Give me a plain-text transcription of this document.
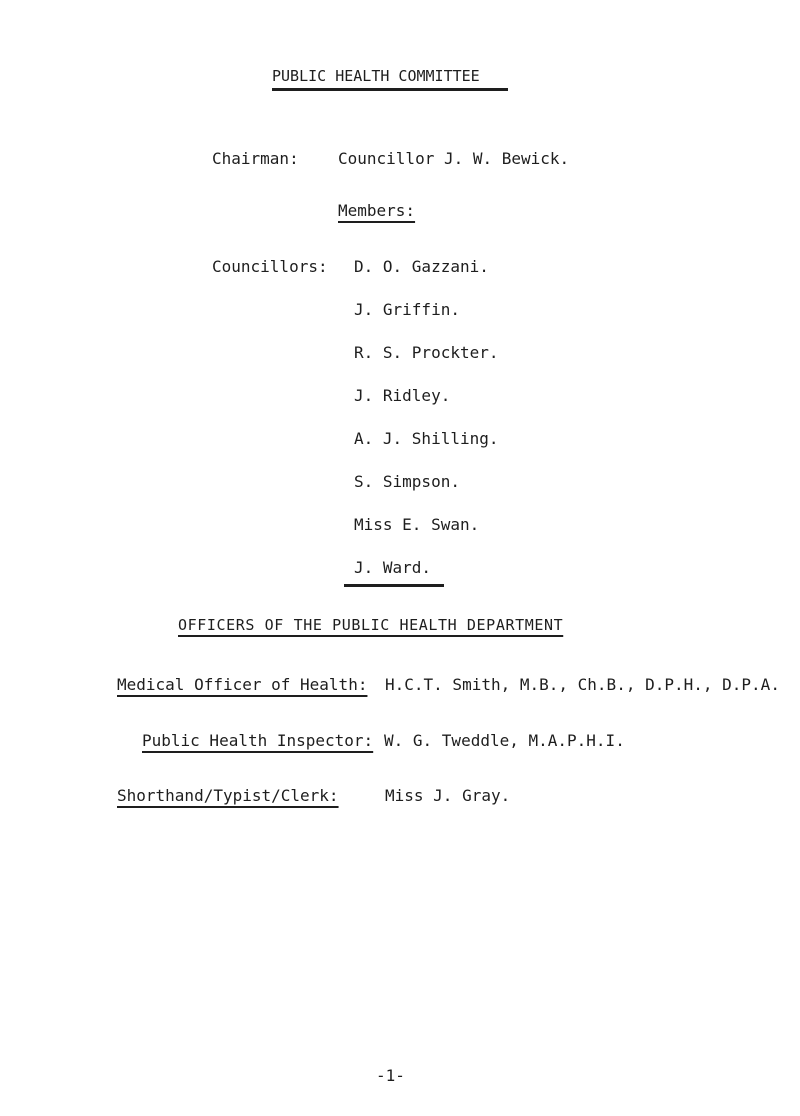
PUBLIC HEALTH COMMITTEE
Chairman: Councillor J. W. Bewick.
Members:
Councillors: D. O. Gazzani.
J. Griffin.
R. S. Prockter.
J. Ridley.
A. J. Shilling.
S. Simpson.
Miss E. Swan.
J. Ward.
OFFICERS OF THE PUBLIC HEALTH DEPARTMENT
Medical Officer of Health: H.C.T. Smith, M.B., Ch.B., D.P.H., D.P.A.
Public Health Inspector: W. G. Tweddle, M.A.P.H.I.
Shorthand/Typist/Clerk:	Miss J. Gray.
-1-
